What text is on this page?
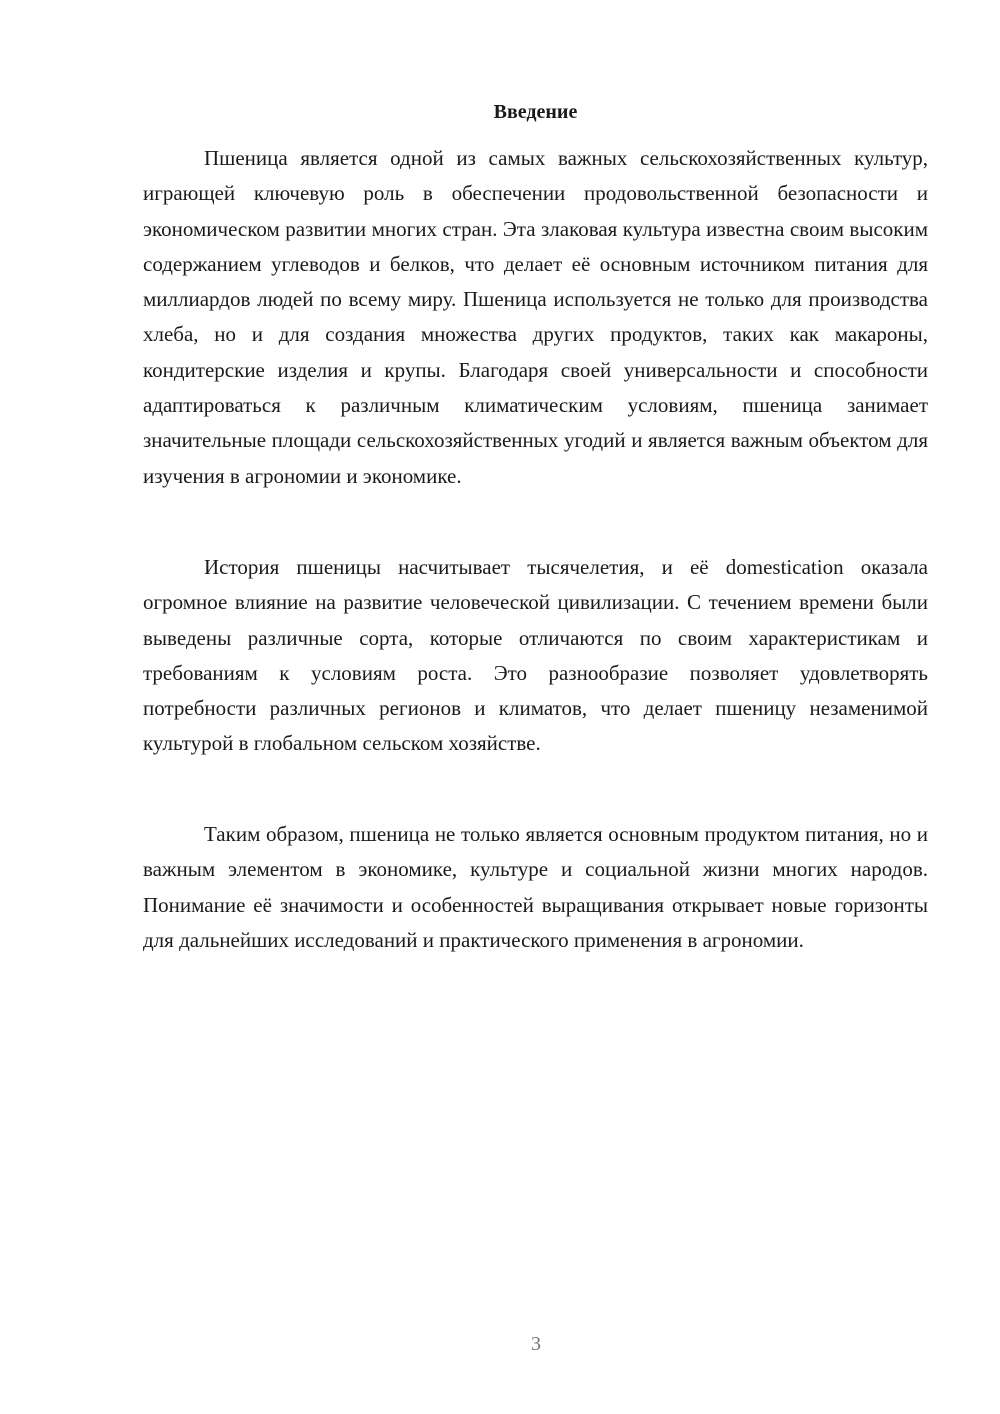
Введение

Пшеница является одной из самых важных сельскохозяйственных культур, играющей ключевую роль в обеспечении продовольственной безопасности и экономическом развитии многих стран. Эта злаковая культура известна своим высоким содержанием углеводов и белков, что делает её основным источником питания для миллиардов людей по всему миру. Пшеница используется не только для производства хлеба, но и для создания множества других продуктов, таких как макароны, кондитерские изделия и крупы. Благодаря своей универсальности и способности адаптироваться к различным климатическим условиям, пшеница занимает значительные площади сельскохозяйственных угодий и является важным объектом для изучения в агрономии и экономике.

История пшеницы насчитывает тысячелетия, и её domestication оказала огромное влияние на развитие человеческой цивилизации. С течением времени были выведены различные сорта, которые отличаются по своим характеристикам и требованиям к условиям роста. Это разнообразие позволяет удовлетворять потребности различных регионов и климатов, что делает пшеницу незаменимой культурой в глобальном сельском хозяйстве.

Таким образом, пшеница не только является основным продуктом питания, но и важным элементом в экономике, культуре и социальной жизни многих народов. Понимание её значимости и особенностей выращивания открывает новые горизонты для дальнейших исследований и практического применения в агрономии.

3
